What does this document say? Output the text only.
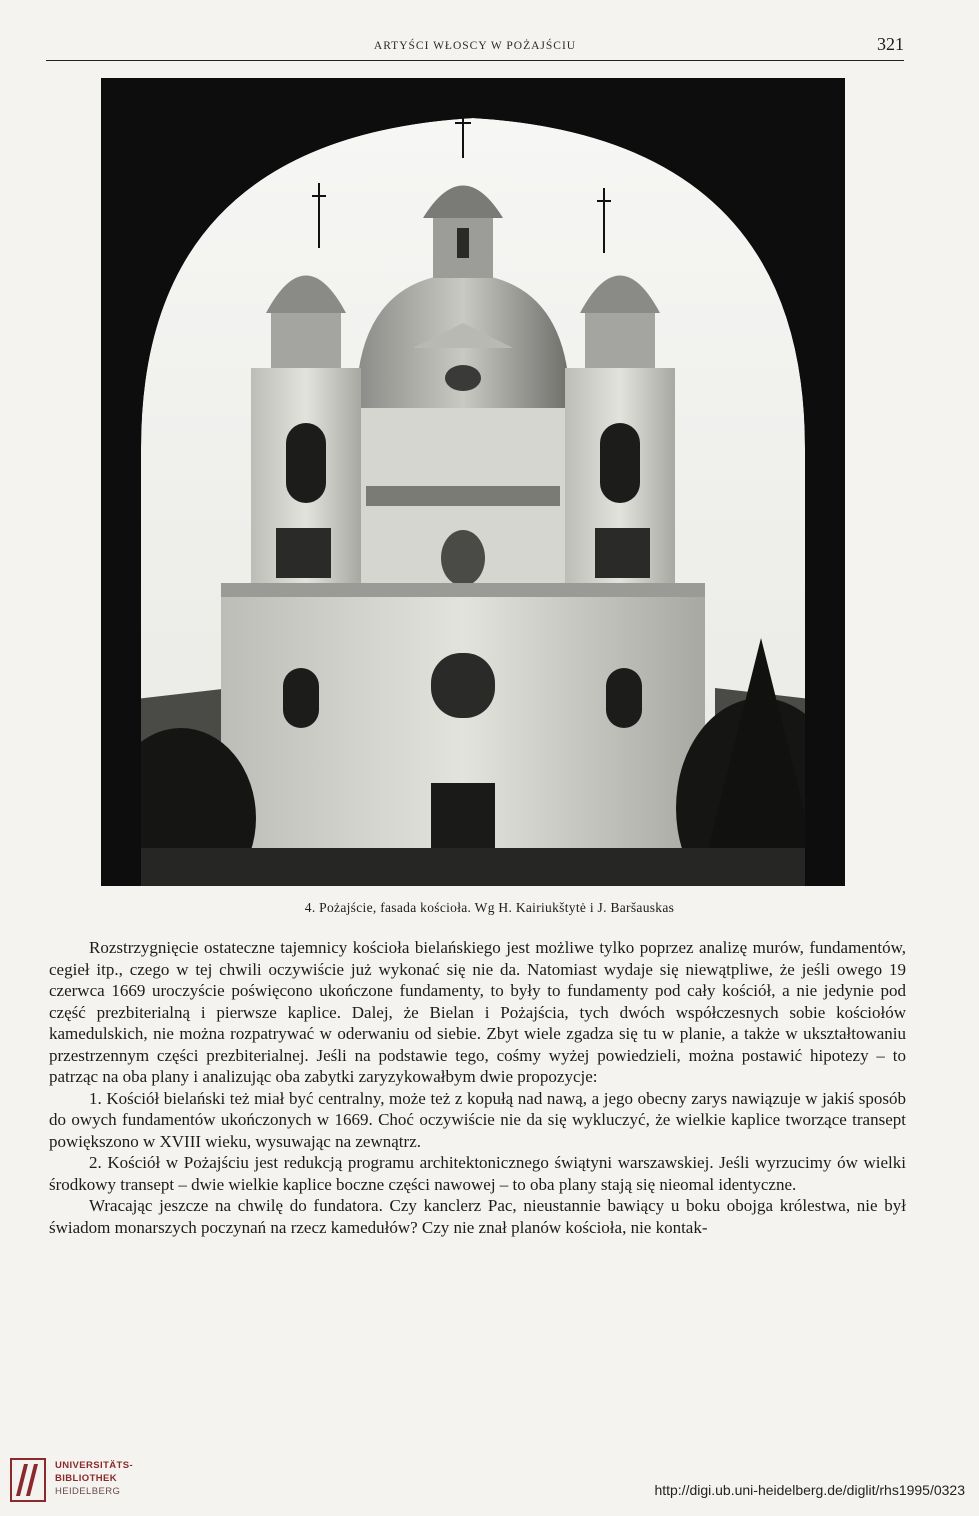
ARTYŚCI WŁOSCY W POŻAJŚCIU	321
4. Pożajście, fasada kościoła. Wg H. Kairiukštytė i J. Baršauskas

Rozstrzygnięcie ostateczne tajemnicy kościoła bielańskiego jest możliwe tylko poprzez analizę murów, fundamentów, cegieł itp., czego w tej chwili oczywiście już wykonać się nie da. Natomiast wydaje się niewątpliwe, że jeśli owego 19 czerwca 1669 uroczyście poświęcono ukończone fundamenty, to były to fundamenty pod cały kościół, a nie jedynie pod część prezbiterialną i pierwsze kaplice. Dalej, że Bielan i Pożajścia, tych dwóch współczesnych sobie kościołów kamedulskich, nie można rozpatrywać w oderwaniu od siebie. Zbyt wiele zgadza się tu w planie, a także w ukształtowaniu przestrzennym części prezbiterialnej. Jeśli na podstawie tego, cośmy wyżej powiedzieli, można postawić hipotezy – to patrząc na oba plany i analizując oba zabytki zaryzykowałbym dwie propozycje:

1. Kościół bielański też miał być centralny, może też z kopułą nad nawą, a jego obecny zarys nawiązuje w jakiś sposób do owych fundamentów ukończonych w 1669. Choć oczywiście nie da się wykluczyć, że wielkie kaplice tworzące transept powiększono w XVIII wieku, wysuwając na zewnątrz.

2. Kościół w Pożajściu jest redukcją programu architektonicznego świątyni warszawskiej. Jeśli wyrzucimy ów wielki środkowy transept – dwie wielkie kaplice boczne części nawowej – to oba plany stają się nieomal identyczne.

Wracając jeszcze na chwilę do fundatora. Czy kanclerz Pac, nieustannie bawiący u boku obojga królestwa, nie był świadom monarszych poczynań na rzecz kamedułów? Czy nie znał planów kościoła, nie kontak-

UNIVERSITÄTS-
BIBLIOTHEK
HEIDELBERG	http://digi.ub.uni-heidelberg.de/diglit/rhs1995/0323
